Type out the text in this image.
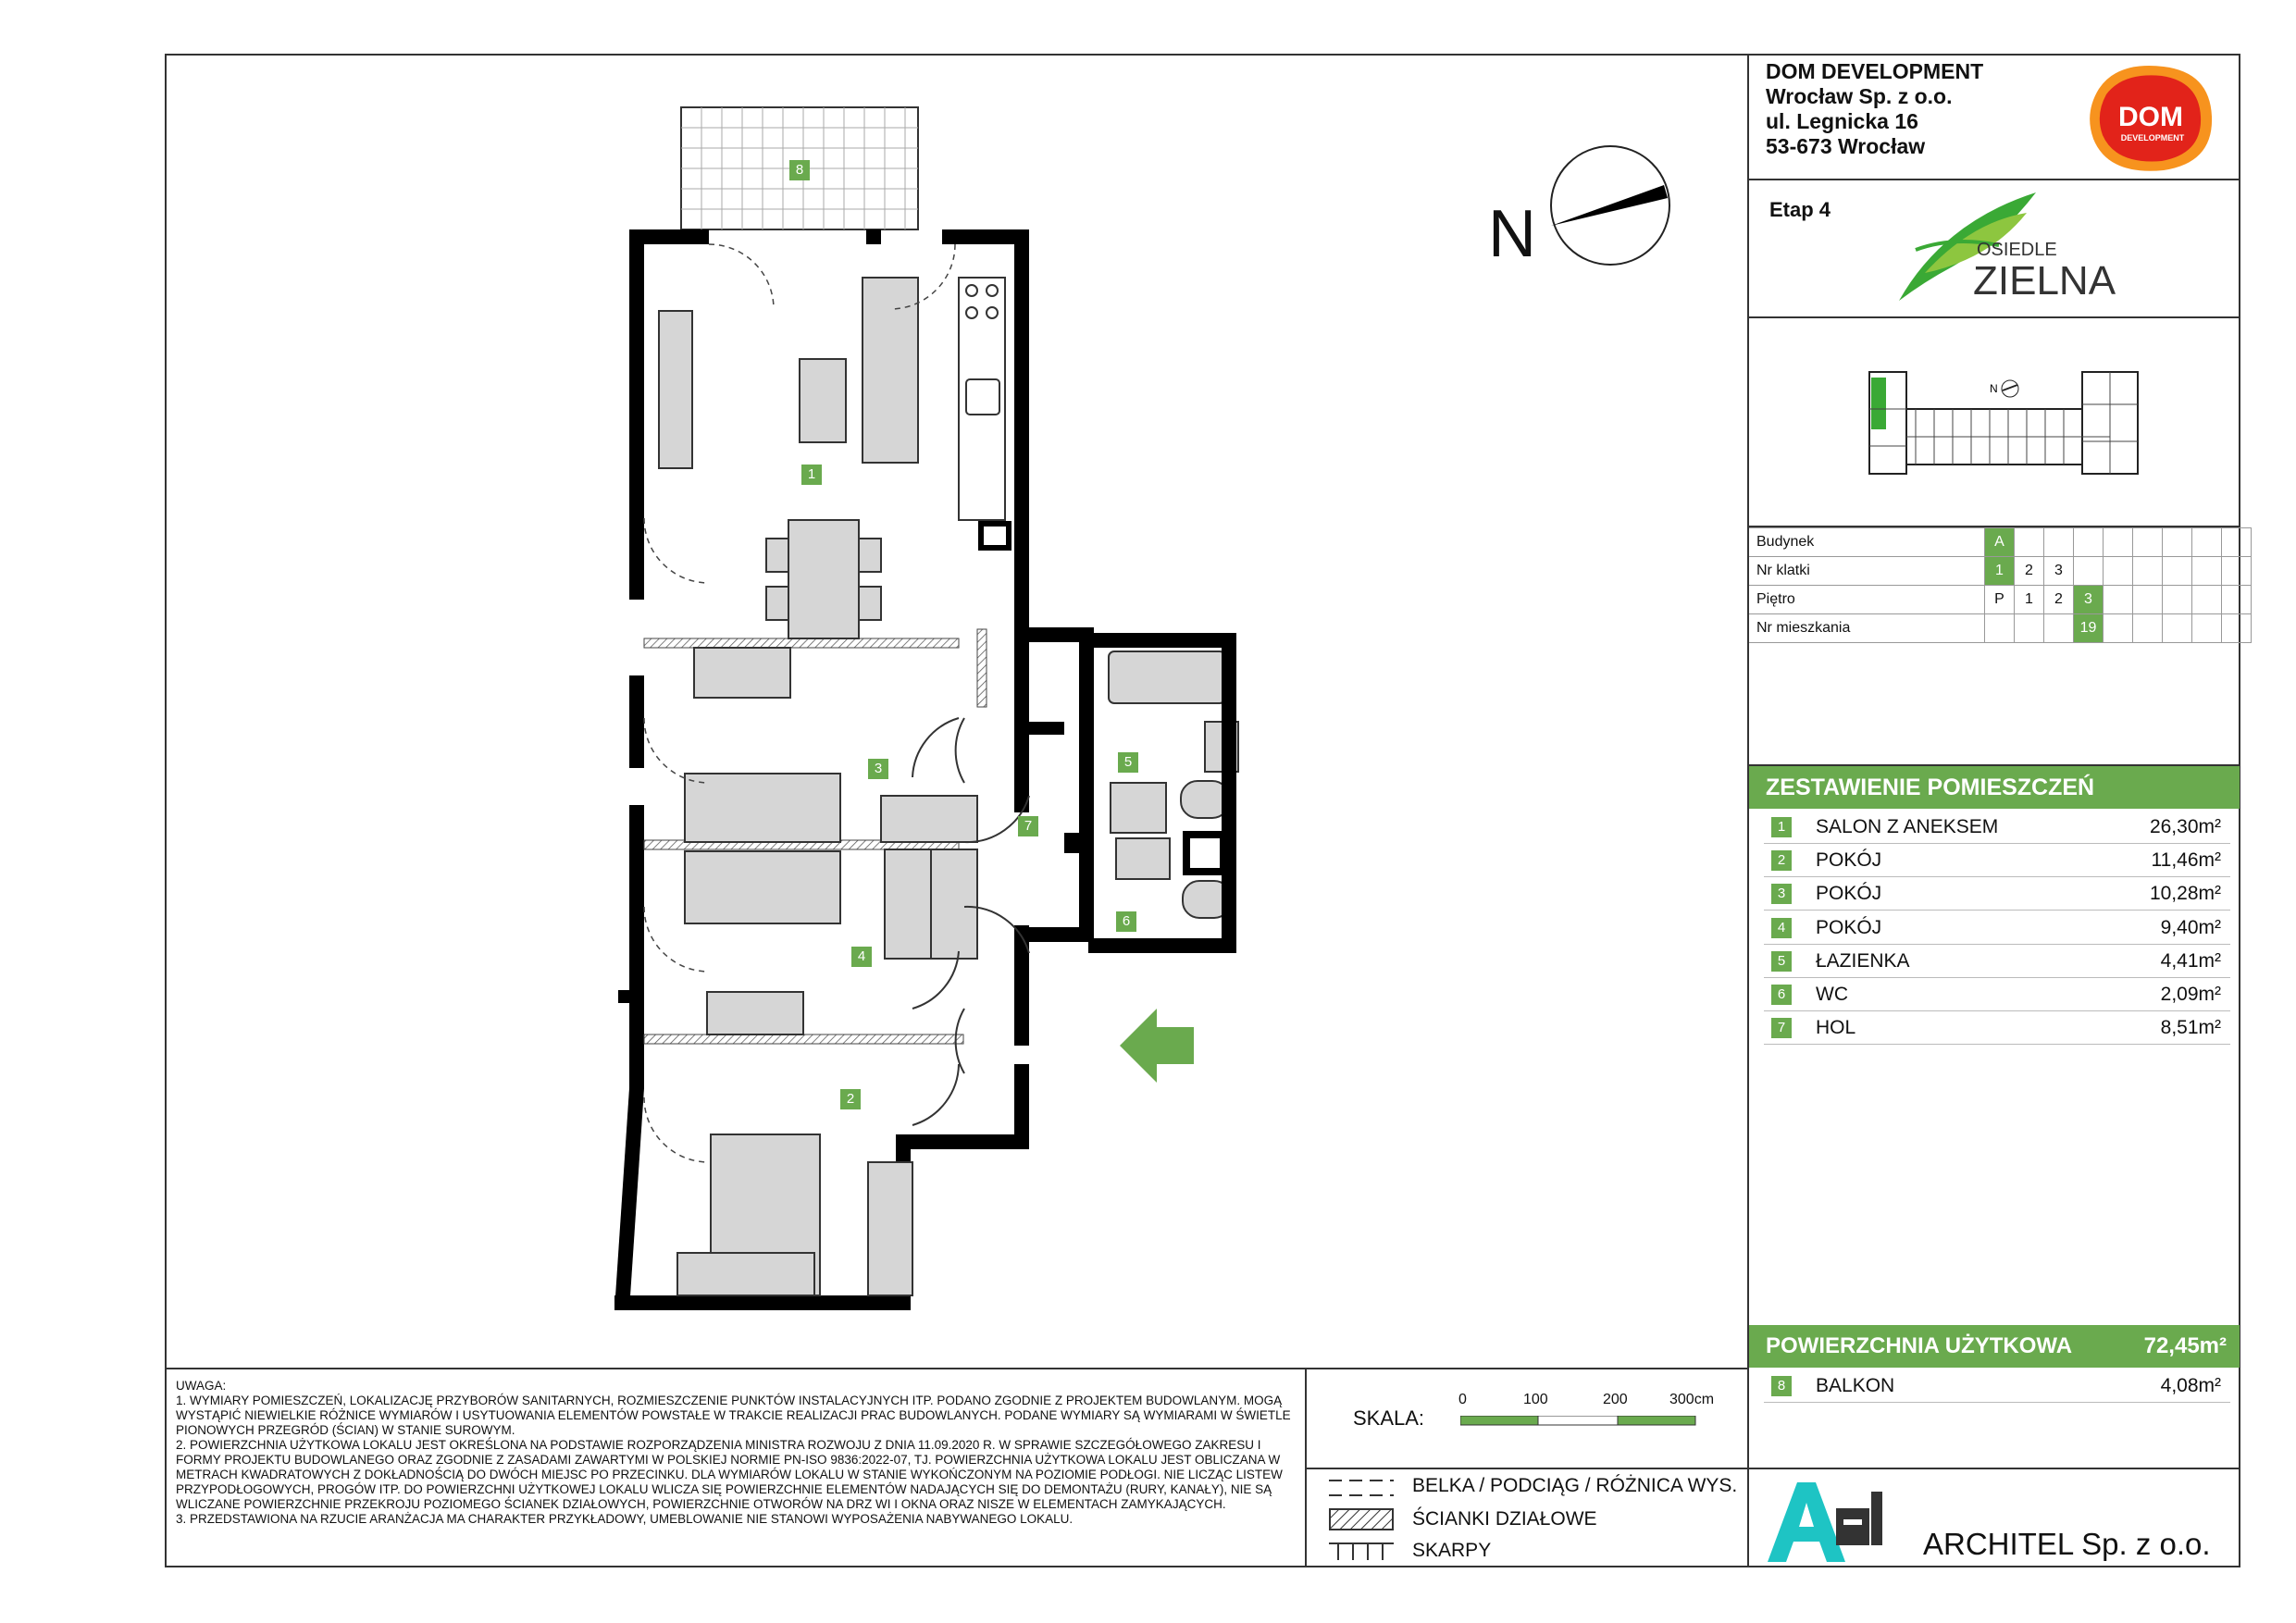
DOM DEVELOPMENT
Wrocław Sp. z o.o.
ul. Legnicka 16
53-673 Wrocław
DOM
DEVELOPMENT
Etap 4
OSIEDLE
ZIELNA
N
Budynek	A								
Nr klatki	1	2	3						
Piętro	P	1	2	3					
Nr mieszkania				19					
ZESTAWIENIE POMIESZCZEŃ
1	SALON Z ANEKSEM	26,30m²
2	POKÓJ	11,46m²
3	POKÓJ	10,28m²
4	POKÓJ	9,40m²
5	ŁAZIENKA	4,41m²
6	WC	2,09m²
7	HOL	8,51m²
POWIERZCHNIA UŻYTKOWA	72,45m²
8	BALKON	4,08m²
N
8
1
3
7
5
6
4
2
UWAGA:
1. WYMIARY POMIESZCZEŃ, LOKALIZACJĘ PRZYBORÓW SANITARNYCH, ROZMIESZCZENIE PUNKTÓW INSTALACYJNYCH ITP. PODANO ZGODNIE Z PROJEKTEM BUDOWLANYM. MOGĄ WYSTĄPIĆ NIEWIELKIE RÓŻNICE WYMIARÓW I USYTUOWANIA ELEMENTÓW POWSTAŁE W TRAKCIE REALIZACJI PRAC BUDOWLANYCH. PODANE WYMIARY SĄ WYMIARAMI W ŚWIETLE PIONOWYCH PRZEGRÓD (ŚCIAN) W STANIE SUROWYM.
2. POWIERZCHNIA UŻYTKOWA LOKALU JEST OKREŚLONA NA PODSTAWIE ROZPORZĄDZENIA MINISTRA ROZWOJU Z DNIA 11.09.2020 R. W SPRAWIE SZCZEGÓŁOWEGO ZAKRESU I FORMY PROJEKTU BUDOWLANEGO ORAZ ZGODNIE Z ZASADAMI ZAWARTYMI W POLSKIEJ NORMIE PN-ISO 9836:2022-07, TJ. POWIERZCHNIA UŻYTKOWA LOKALU JEST OBLICZANA W METRACH KWADRATOWYCH Z DOKŁADNOŚCIĄ DO DWÓCH MIEJSC PO PRZECINKU. DLA WYMIARÓW LOKALU W STANIE WYKOŃCZONYM NA POZIOMIE PODŁOGI. NIE LICZĄC LISTEW PRZYPODŁOGOWYCH, PROGÓW ITP. DO POWIERZCHNI UŻYTKOWEJ LOKALU WLICZA SIĘ POWIERZCHNIE ELEMENTÓW NADAJĄCYCH SIĘ DO DEMONTAŻU (RURY, KANAŁY), NIE SĄ WLICZANE POWIERZCHNIE PRZEKROJU POZIOMEGO ŚCIANEK DZIAŁOWYCH, POWIERZCHNIE OTWORÓW NA DRZ WI I OKNA ORAZ NISZE W ELEMENTACH ZAMYKAJĄCYCH.
3. PRZEDSTAWIONA NA RZUCIE ARANŻACJA MA CHARAKTER PRZYKŁADOWY, UMEBLOWANIE NIE STANOWI WYPOSAŻENIA NABYWANEGO LOKALU.
SKALA:
0	100	200	300cm
BELKA / PODCIĄG / RÓŻNICA WYS.
ŚCIANKI DZIAŁOWE
SKARPY	ARCHITEL Sp. z o.o.
